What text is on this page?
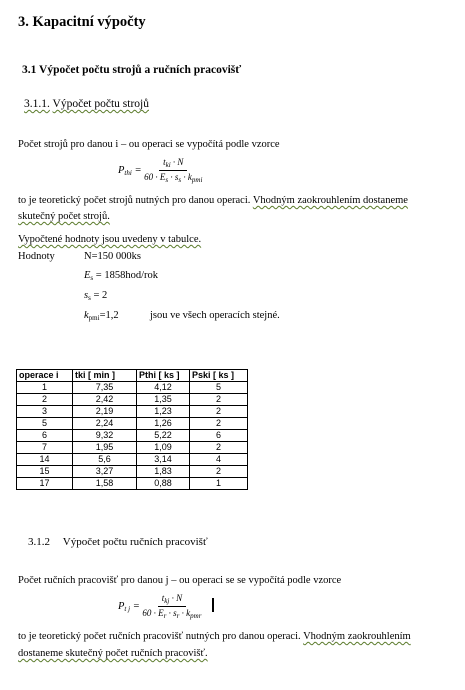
3. Kapacitní výpočty
3.1 Výpočet počtu strojů a ručních pracovišť
3.1.1. Výpočet počtu strojů
Počet strojů pro danou i – ou operaci se vypočítá podle vzorce
$P_{thi} = \frac{t_{ki} \cdot N}{60 \cdot E_s \cdot s_s \cdot k_{pmi}}$
to je teoretický počet strojů nutných pro danou operaci. Vhodným zaokrouhlením dostaneme
skutečný počet strojů.
Vypočtené hodnoty jsou uvedeny v tabulce.
Hodnoty	N=150 000ks
$E_s = 1858hod/rok$
$s_s = 2$
$k_{pmi}=1,2$	jsou ve všech operacích stejné.
operace i	tki [ min ]	Pthi [ ks ]	Pski [ ks ]
1	7,35	4,12	5
2	2,42	1,35	2
3	2,19	1,23	2
5	2,24	1,26	2
6	9,32	5,22	6
7	1,95	1,09	2
14	5,6	3,14	4
15	3,27	1,83	2
17	1,58	0,88	1
3.1.2 Výpočet počtu ručních pracovišť
Počet ručních pracovišť pro danou j – ou operaci se se vypočítá podle vzorce
$P_{t j} = \frac{t_{kj} \cdot N}{60 \cdot E_r \cdot s_r \cdot k_{pmr}}$
to je teoretický počet ručních pracovišť nutných pro danou operaci. Vhodným zaokrouhlením
dostaneme skutečný počet ručních pracovišť.
